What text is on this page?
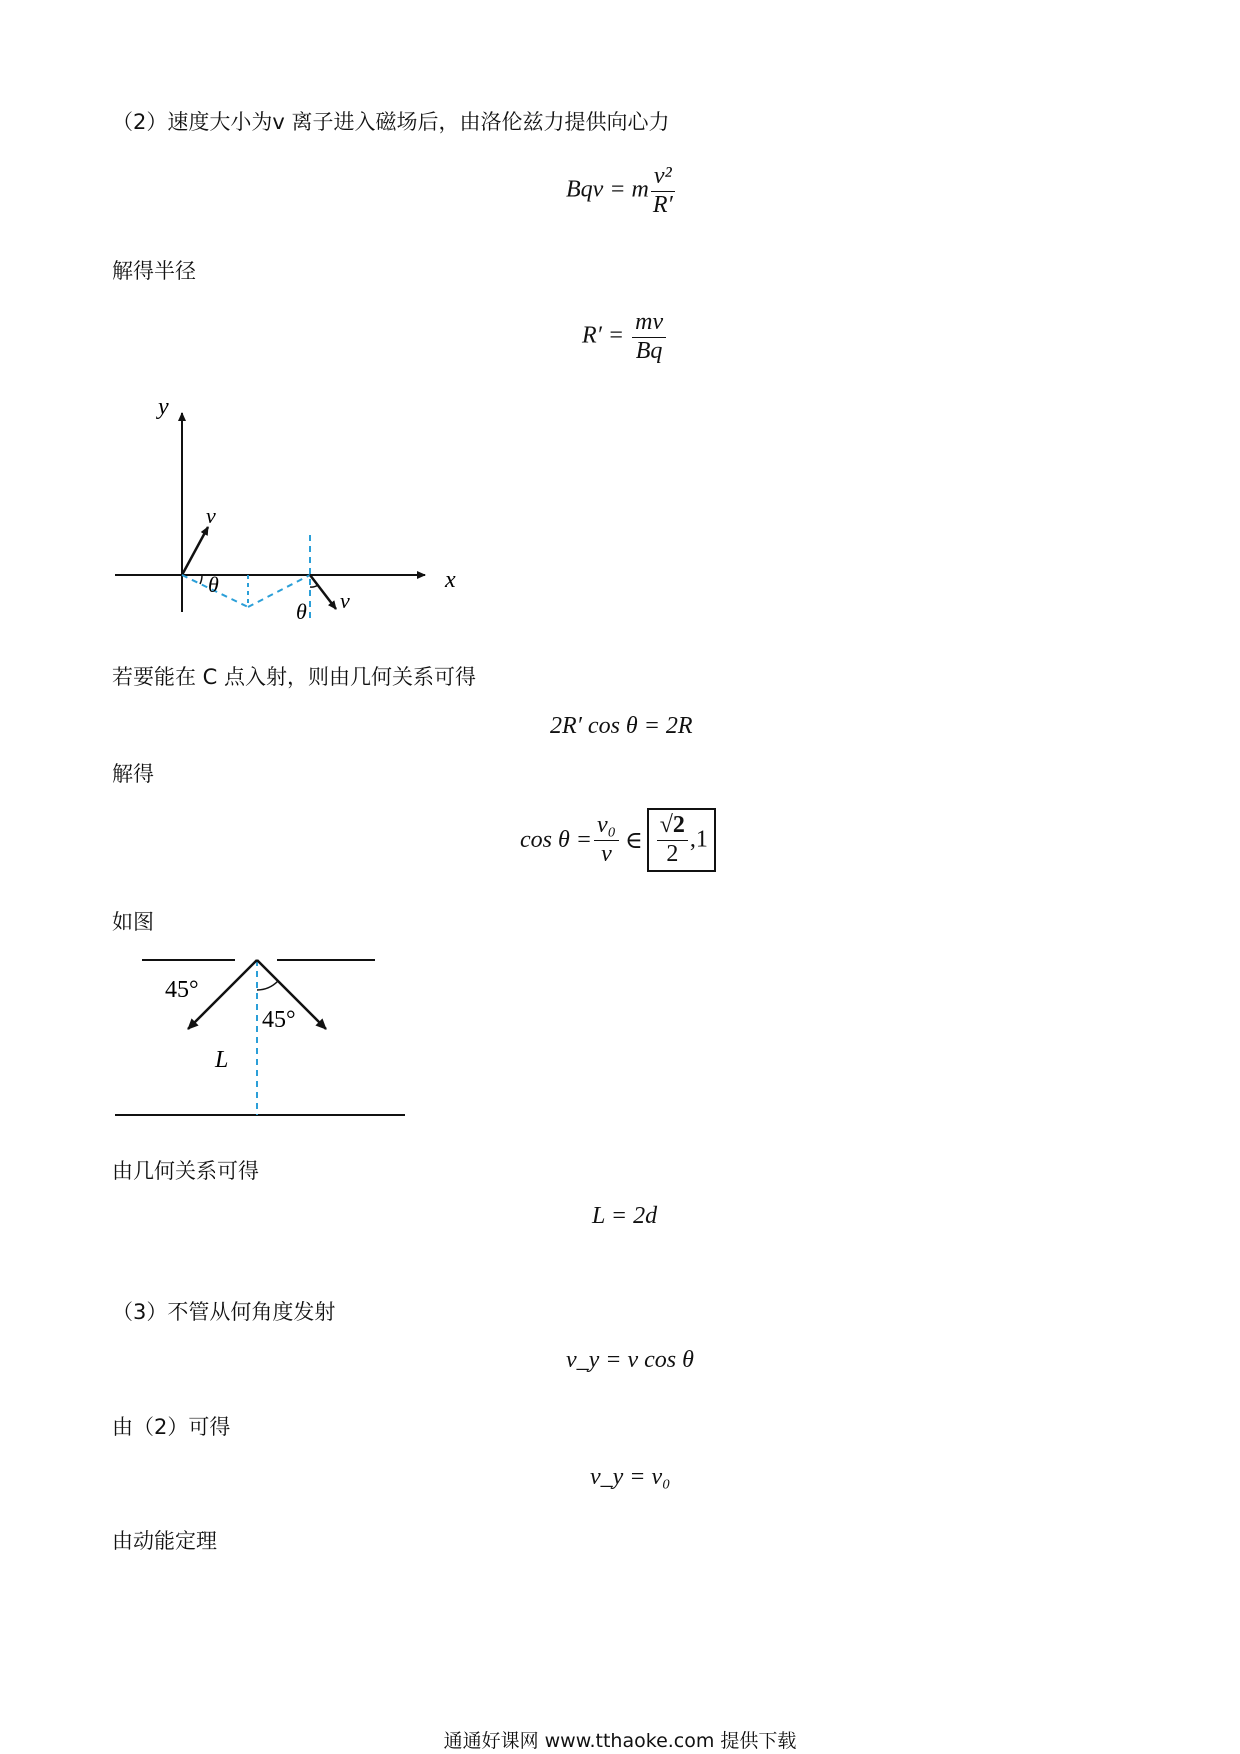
（2）速度大小为v 离子进入磁场后，由洛伦兹力提供向心力
Bqv = m $\frac{\text{v²}}{R'}$
解得半径
$R' = \frac{mv}{Bq}$
y
x
v
θ
θ v
若要能在 C 点入射，则由几何关系可得
2R′ cos θ = 2R
解得
$\cos \theta = \frac{\text{v₀}}{v}$ ∈ $\frac{√2}{2} ,1$
如图
45°
45°
L
由几何关系可得
L = 2d
（3）不管从何角度发射
v_y = v cos θ
由（2）可得
v_y = v₀
由动能定理
通通好课网 www.tthaoke.com 提供下载
